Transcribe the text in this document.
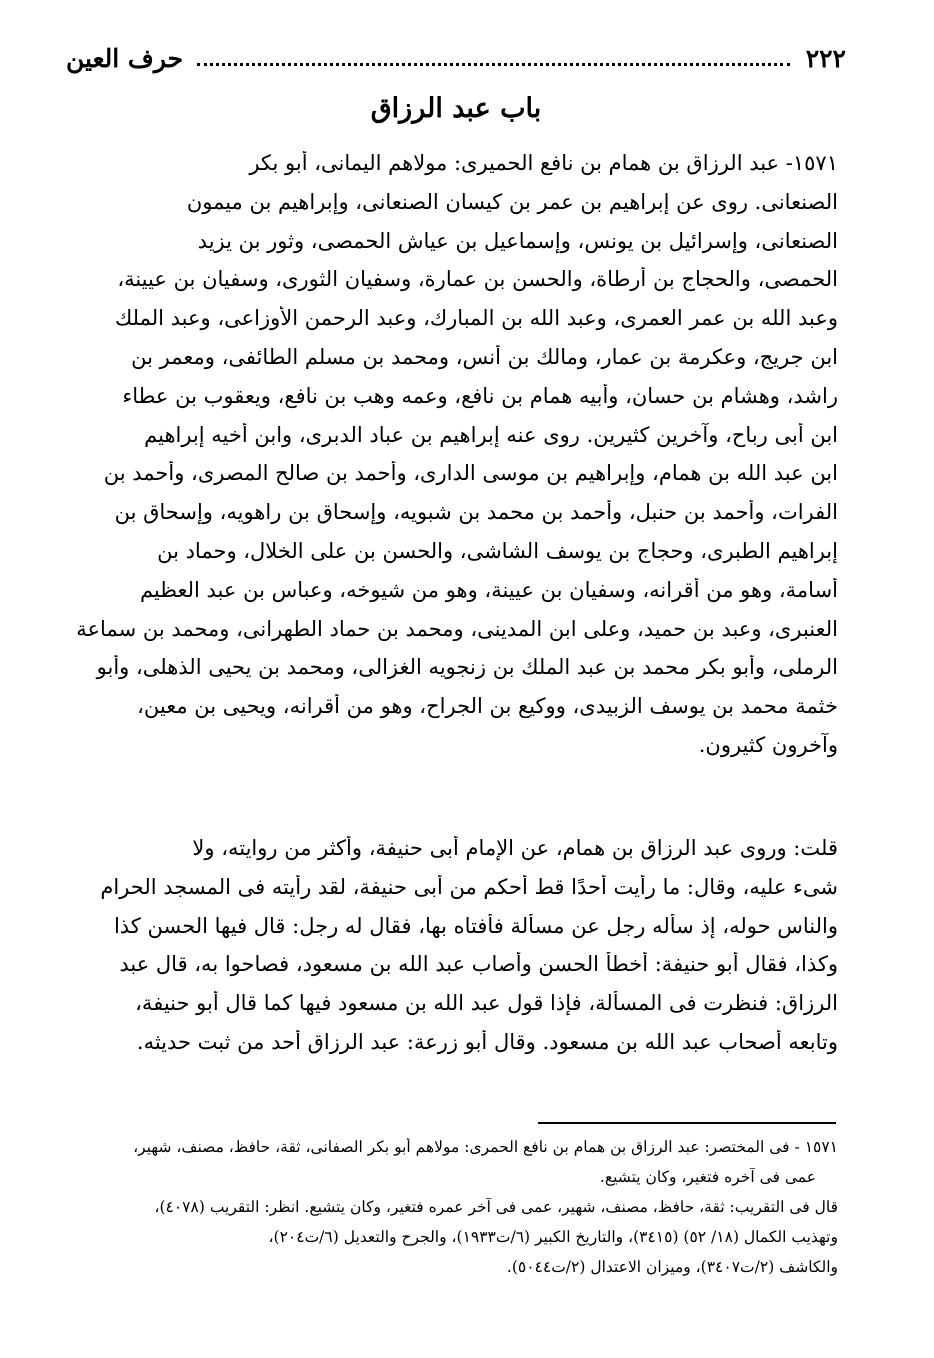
٢٢٢
حرف العين
باب عبد الرزاق
١٥٧١- عبد الرزاق بن همام بن نافع الحميرى: مولاهم اليمانى، أبو بكر
الصنعانى. روى عن إبراهيم بن عمر بن كيسان الصنعانى، وإبراهيم بن ميمون
الصنعانى، وإسرائيل بن يونس، وإسماعيل بن عياش الحمصى، وثور بن يزيد
الحمصى، والحجاج بن أرطاة، والحسن بن عمارة، وسفيان الثورى، وسفيان بن عيينة،
وعبد الله بن عمر العمرى، وعبد الله بن المبارك، وعبد الرحمن الأوزاعى، وعبد الملك
ابن جريج، وعكرمة بن عمار، ومالك بن أنس، ومحمد بن مسلم الطائفى، ومعمر بن
راشد، وهشام بن حسان، وأبيه همام بن نافع، وعمه وهب بن نافع، ويعقوب بن عطاء
ابن أبى رباح، وآخرين كثيرين. روى عنه إبراهيم بن عباد الدبرى، وابن أخيه إبراهيم
ابن عبد الله بن همام، وإبراهيم بن موسى الدارى، وأحمد بن صالح المصرى، وأحمد بن
الفرات، وأحمد بن حنبل، وأحمد بن محمد بن شبويه، وإسحاق بن راهويه، وإسحاق بن
إبراهيم الطبرى، وحجاج بن يوسف الشاشى، والحسن بن على الخلال، وحماد بن
أسامة، وهو من أقرانه، وسفيان بن عيينة، وهو من شيوخه، وعباس بن عبد العظيم
العنبرى، وعبد بن حميد، وعلى ابن المدينى، ومحمد بن حماد الطهرانى، ومحمد بن سماعة
الرملى، وأبو بكر محمد بن عبد الملك بن زنجويه الغزالى، ومحمد بن يحيى الذهلى، وأبو
خثمة محمد بن يوسف الزبيدى، ووكيع بن الجراح، وهو من أقرانه، ويحيى بن معين،
وآخرون كثيرون.
قلت: وروى عبد الرزاق بن همام، عن الإمام أبى حنيفة، وأكثر من روايته، ولا
شىء عليه، وقال: ما رأيت أحدًا قط أحكم من أبى حنيفة، لقد رأيته فى المسجد الحرام
والناس حوله، إذ سأله رجل عن مسألة فأفتاه بها، فقال له رجل: قال فيها الحسن كذا
وكذا، فقال أبو حنيفة: أخطأ الحسن وأصاب عبد الله بن مسعود، فصاحوا به، قال عبد
الرزاق: فنظرت فى المسألة، فإذا قول عبد الله بن مسعود فيها كما قال أبو حنيفة،
وتابعه أصحاب عبد الله بن مسعود. وقال أبو زرعة: عبد الرزاق أحد من ثبت حديثه.
١٥٧١ - فى المختصر: عبد الرزاق بن همام بن نافع الحمرى: مولاهم أبو بكر الصفانى، ثقة، حافظ، مصنف، شهير،
عمى فى آخره فتغير، وكان يتشيع.
قال فى التقريب: ثقة، حافظ، مصنف، شهير، عمى فى آخر عمره فتغير، وكان يتشيع. انظر: التقريب (٤٠٧٨)،
وتهذيب الكمال (١٨/ ٥٢) (٣٤١٥)، والتاريخ الكبير (٦/ت١٩٣٣)، والجرح والتعديل (٦/ت٢٠٤)،
والكاشف (٢/ت٣٤٠٧)، وميزان الاعتدال (٢/ت٥٠٤٤).
